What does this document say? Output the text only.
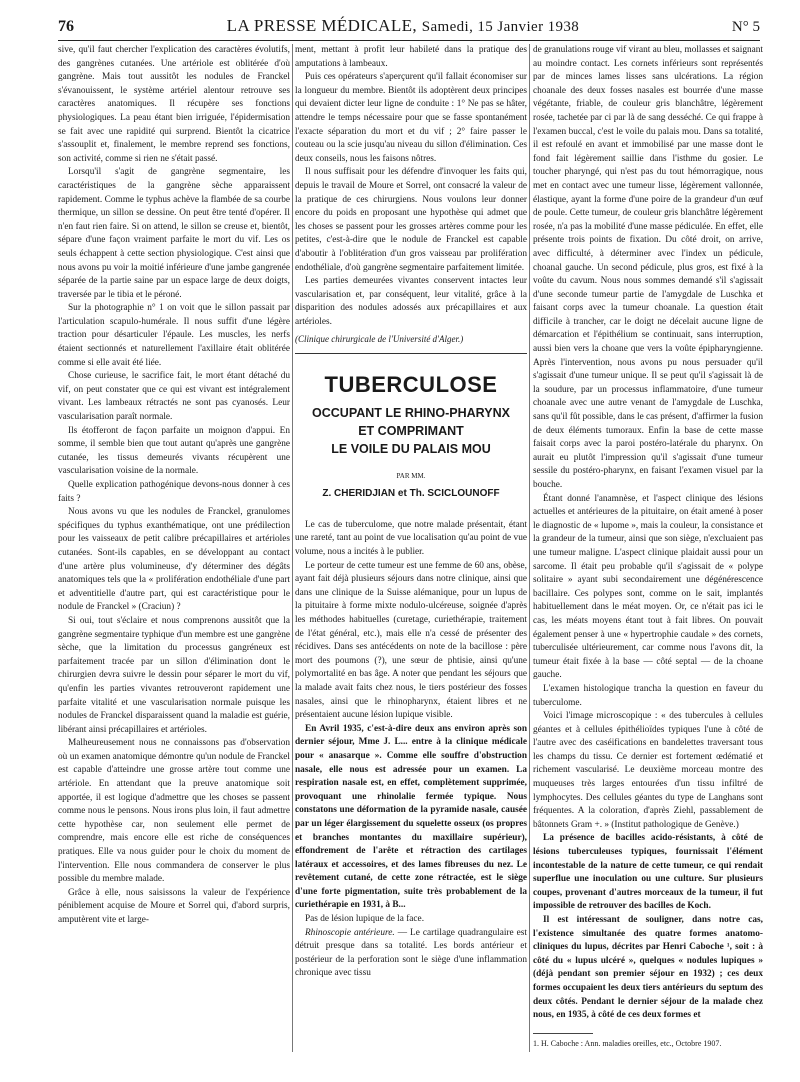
76	LA PRESSE MÉDICALE, Samedi, 15 Janvier 1938	N° 5

sive, qu'il faut chercher l'explication des caractères évolutifs, des gangrènes cutanées. Une artériole est oblitérée d'où gangrène. Mais tout aussitôt les nodules de Franckel s'évanouissent, le système artériel alentour retrouve ses caractères anatomiques. Il récupère ses fonctions physiologiques. La peau étant bien irriguée, l'épidermisation se fait avec une rapidité qui surprend. Bientôt la cicatrice s'assouplit et, finalement, le membre reprend ses fonctions, son activité, comme si rien ne s'était passé.

Lorsqu'il s'agit de gangrène segmentaire, les caractéristiques de la gangrène sèche apparaissent rapidement. Comme le typhus achève la flambée de sa courbe thermique, un sillon se dessine. On peut être tenté d'opérer. Il n'en faut rien faire. Si on attend, le sillon se creuse et, bientôt, sépare d'une façon vraiment parfaite le mort du vif. Les os seuls échappent à cette section physiologique. C'est ainsi que nous avons pu voir la moitié inférieure d'une jambe gangrenée séparée de la partie saine par un espace large de deux doigts, traversée par le tibia et le péroné.

Sur la photographie n° 1 on voit que le sillon passait par l'articulation scapulo-humérale. Il nous suffit d'une légère traction pour désarticuler l'épaule. Les muscles, les nerfs étaient sectionnés et naturellement l'axillaire était oblitérée comme si elle avait été liée.

Chose curieuse, le sacrifice fait, le mort étant détaché du vif, on peut constater que ce qui est vivant est intégralement vivant. Les lambeaux rétractés ne sont pas cyanosés. Leur vascularisation paraît normale.

Ils étofferont de façon parfaite un moignon d'appui. En somme, il semble bien que tout autant qu'après une gangrène cutanée, les tissus demeurés vivants récupèrent une vascularisation voisine de la normale.

Quelle explication pathogénique devons-nous donner à ces faits ?

Nous avons vu que les nodules de Franckel, granulomes spécifiques du typhus exanthématique, ont une prédilection pour les vaisseaux de petit calibre précapillaires et artérioles cutanées. Sont-ils capables, en se développant au contact d'une artère plus volumineuse, d'y déterminer des dégâts anatomiques tels que la « prolifération endothéliale d'une part et adventitielle d'autre part, qui est caractéristique pour le nodule de Franckel » (Craciun) ?

Si oui, tout s'éclaire et nous comprenons aussitôt que la gangrène segmentaire typhique d'un membre est une gangrène sèche, que la limitation du processus gangréneux est parfaitement tracée par un sillon d'élimination dont le chirurgien devra suivre le dessin pour séparer le mort du vif, qu'enfin les parties vivantes retrouveront rapidement une parfaite vitalité et une vascularisation normale puisque les nodules de Franckel disparaissent quand la maladie est guérie, libérant ainsi précapillaires et artérioles.

Malheureusement nous ne connaissons pas d'observation où un examen anatomique démontre qu'un nodule de Franckel est capable d'atteindre une grosse artère tout comme une artériole. En attendant que la preuve anatomique soit apportée, il est logique d'admettre que les choses se passent comme nous le pensons. Nous irons plus loin, il faut admettre cette hypothèse car, non seulement elle permet de comprendre, mais encore elle est riche de conséquences pratiques. Elle va nous guider pour le choix du moment de l'intervention. Elle nous commandera de conserver le plus possible du membre malade.

Grâce à elle, nous saisissons la valeur de l'expérience péniblement acquise de Moure et Sorrel qui, d'abord surpris, amputèrent vite et large-

ment, mettant à profit leur habileté dans la pratique des amputations à lambeaux.

Puis ces opérateurs s'aperçurent qu'il fallait économiser sur la longueur du membre. Bientôt ils adoptèrent deux principes qui devaient dicter leur ligne de conduite : 1° Ne pas se hâter, attendre le temps nécessaire pour que se fasse spontanément l'exacte séparation du mort et du vif ; 2° faire passer le couteau ou la scie jusqu'au niveau du sillon d'élimination. Ces deux conseils, nous les faisons nôtres.

Il nous suffisait pour les défendre d'invoquer les faits qui, depuis le travail de Moure et Sorrel, ont consacré la valeur de la pratique de ces chirurgiens. Nous voulons leur donner encore du poids en proposant une hypothèse qui admet que les choses se passent pour les grosses artères comme pour les petites, c'est-à-dire que le nodule de Franckel est capable d'aboutir à l'oblitération d'un gros vaisseau par prolifération endothéliale, d'où gangrène segmentaire parfaitement limitée.

Les parties demeurées vivantes conservent intactes leur vascularisation et, par conséquent, leur vitalité, grâce à la disparition des nodules adossés aux précapillaires et aux artérioles.

(Clinique chirurgicale de l'Université d'Alger.)

TUBERCULOSE
OCCUPANT LE RHINO-PHARYNX
ET COMPRIMANT
LE VOILE DU PALAIS MOU
PAR MM.
Z. CHERIDJIAN et Th. SCICLOUNOFF

Le cas de tuberculome, que notre malade présentait, étant une rareté, tant au point de vue localisation qu'au point de vue volume, nous a incités à le publier.

Le porteur de cette tumeur est une femme de 60 ans, obèse, ayant fait déjà plusieurs séjours dans notre clinique, ainsi que dans une clinique de la Suisse alémanique, pour un lupus de la pituitaire à forme mixte nodulo-ulcéreuse, soignée d'après les méthodes habituelles (curetage, curiethérapie, traitement de l'état général, etc.), mais elle n'a cessé de présenter des récidives. Dans ses antécédents on note de la bacillose : père mort des poumons (?), une sœur de phtisie, ainsi qu'une polymortalité en bas âge. A noter que pendant les séjours que la malade avait faits chez nous, le tiers postérieur des fosses nasales, ainsi que le rhinopharynx, étaient libres et ne présentaient aucune lésion lupique visible.

En Avril 1935, c'est-à-dire deux ans environ après son dernier séjour, Mme J. L... entre à la clinique médicale pour « anasarque ». Comme elle souffre d'obstruction nasale, elle nous est adressée pour un examen. La respiration nasale est, en effet, complètement supprimée, provoquant une rhinolalie fermée typique. Nous constatons une déformation de la pyramide nasale, causée par un léger élargissement du squelette osseux (os propres et branches montantes du maxillaire supérieur), effondrement de l'arête et rétraction des cartilages latéraux et accessoires, et des lames fibreuses du nez. Le revêtement cutané, de cette zone rétractée, est le siège d'une forte pigmentation, suite très probablement de la curiethérapie en 1931, à B...

Pas de lésion lupique de la face.

Rhinoscopie antérieure. — Le cartilage quadrangulaire est détruit presque dans sa totalité. Les bords antérieur et postérieur de la perforation sont le siège d'une inflammation chronique avec tissu

de granulations rouge vif virant au bleu, mollasses et saignant au moindre contact. Les cornets inférieurs sont représentés par de minces lames lisses sans ulcérations. La région choanale des deux fosses nasales est bourrée d'une masse végétante, friable, de couleur gris blanchâtre, légèrement rosée, tachetée par ci par là de sang desséché. Ce qui frappe à l'examen buccal, c'est le voile du palais mou. Dans sa totalité, il est refoulé en avant et immobilisé par une masse dont le fond fait légèrement saillie dans l'isthme du gosier. Le toucher pharyngé, qui n'est pas du tout hémorragique, nous met en contact avec une tumeur lisse, légèrement vallonnée, élastique, ayant la forme d'une poire de la grandeur d'un œuf de poule. Cette tumeur, de couleur gris blanchâtre légèrement rosée, n'a pas la mobilité d'une masse pédiculée. En effet, elle présente trois points de fixation. Du côté droit, on arrive, avec difficulté, à déterminer avec l'index un pédicule, choanal gauche. Un second pédicule, plus gros, est fixé à la voûte du cavum. Nous nous sommes demandé s'il s'agissait d'une seconde tumeur partie de l'amygdale de Luschka et faisant corps avec la tumeur choanale. La question était difficile à trancher, car le doigt ne décelait aucune ligne de démarcation et l'épithélium se continuait, sans interruption, aussi bien vers la choane que vers la voûte épipharyngienne. Après l'intervention, nous avons pu nous persuader qu'il s'agissait d'une tumeur unique. Il se peut qu'il s'agissait là de la soudure, par un processus inflammatoire, d'une tumeur choanale avec une autre venant de l'amygdale de Luschka, sans qu'il fût possible, dans le cas présent, d'affirmer la fusion de deux éléments tumoraux. Enfin la base de cette masse faisait corps avec la paroi postéro-latérale du pharynx. On aurait eu plutôt l'impression qu'il s'agissait d'une tumeur sessile du postéro-pharynx, en faisant l'examen visuel par la bouche.

Étant donné l'anamnèse, et l'aspect clinique des lésions actuelles et antérieures de la pituitaire, on était amené à poser le diagnostic de « lupome », mais la couleur, la consistance et la grandeur de la tumeur, ainsi que son siège, n'excluaient pas une tumeur maligne. L'aspect clinique plaidait aussi pour un sarcome. Il était peu probable qu'il s'agissait de « polype solitaire » ayant subi secondairement une dégénérescence bacillaire. Ces polypes sont, comme on le sait, implantés habituellement dans le méat moyen. Or, ce n'était pas ici le cas, les méats moyens étant tout à fait libres. On pouvait également penser à une « hypertrophie caudale » des cornets, tuberculisée ultérieurement, car comme nous l'avons dit, la tumeur était fixée à la base — côté septal — de la choane gauche.

L'examen histologique trancha la question en faveur du tuberculome.

Voici l'image microscopique : « des tubercules à cellules géantes et à cellules épithélioïdes typiques l'une à côté de l'autre avec des caséifications en bandelettes traversant tous les champs du tissu. Ce dernier est fortement œdématié et richement vascularisé. Le deuxième morceau montre des muqueuses très larges entourées d'un tissu infiltré de lymphocytes. Des cellules géantes du type de Langhans sont fréquentes. A la coloration, d'après Ziehl, passablement de bâtonnets Gram +. » (Institut pathologique de Genève.)

La présence de bacilles acido-résistants, à côté de lésions tuberculeuses typiques, fournissait l'élément incontestable de la nature de cette tumeur, ce qui rendait superflue une inoculation ou une culture. Sur plusieurs coupes, provenant d'autres morceaux de la tumeur, il fut impossible de retrouver des bacilles de Koch.

Il est intéressant de souligner, dans notre cas, l'existence simultanée des quatre formes anatomo-cliniques du lupus, décrites par Henri Caboche ¹, soit : à côté du « lupus ulcéré », quelques « nodules lupiques » (déjà pendant son premier séjour en 1932) ; ces deux formes occupaient les deux tiers antérieurs du septum des deux côtés. Pendant le dernier séjour de la malade chez nous, en 1935, à côté de ces deux formes et

1. H. Caboche : Ann. maladies oreilles, etc., Octobre 1907.
